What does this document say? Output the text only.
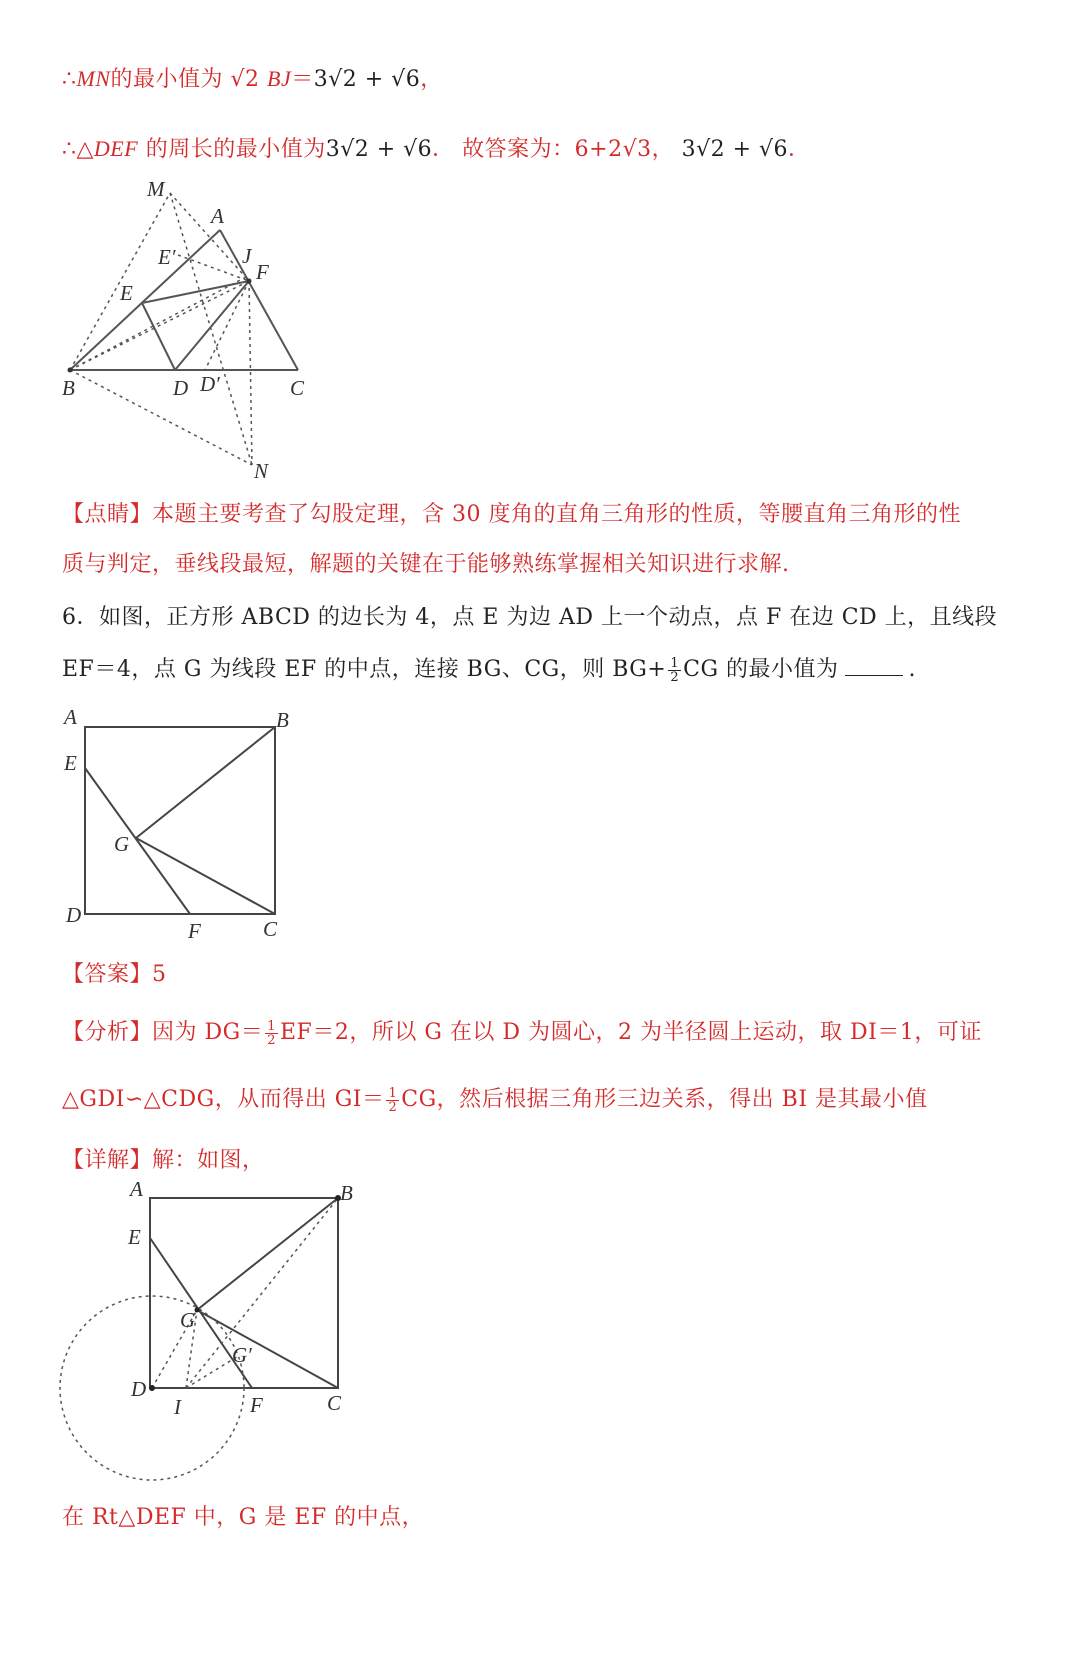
∴MN的最小值为 √2 BJ＝3√2 + √6，
∴△DEF 的周长的最小值为3√2 + √6． 故答案为：6+2√3， 3√2 + √6．
M
A
E′	J
F
E
B	D D′	C
N
【点睛】本题主要考查了勾股定理，含 30 度角的直角三角形的性质，等腰直角三角形的性
质与判定，垂线段最短，解题的关键在于能够熟练掌握相关知识进行求解.
6．如图，正方形 ABCD 的边长为 4，点 E 为边 AD 上一个动点，点 F 在边 CD 上，且线段
EF＝4，点 G 为线段 EF 的中点，连接 BG、CG，则 $BG+ \frac{1}{2}$ CG 的最小值为	.
A	B
E
G
D
F	C
【答案】5
【分析】因为 $DG= \frac{1}{2} EF=2$，所以 G 在以 D 为圆心，2 为半径圆上运动，取 DI＝1，可证
△GDI∽△CDG，从而得出 $GI= \frac{1}{2}$ CG，然后根据三角形三边关系，得出 BI 是其最小值
【详解】解：如图，
A	B
E
G
G′
D
I	F	C
在 Rt△DEF 中，G 是 EF 的中点，
